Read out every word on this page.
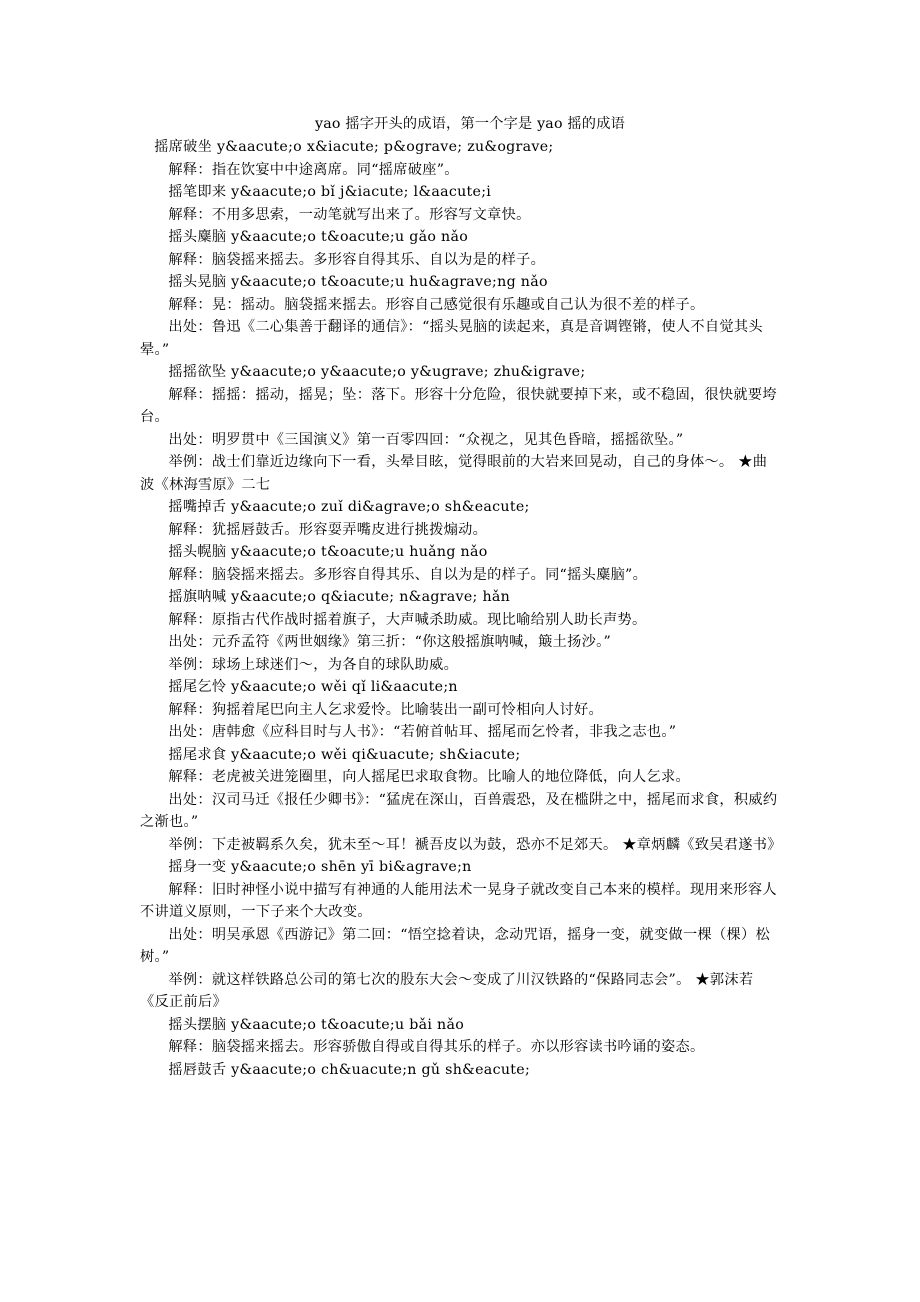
yao 摇字开头的成语，第一个字是 yao 摇的成语
摇席破坐 y&aacute;o x&iacute; p&ograve; zu&ograve;
解释：指在饮宴中中途离席。同“摇席破座”。
摇笔即来 y&aacute;o bǐ j&iacute; l&aacute;i
解释：不用多思索，一动笔就写出来了。形容写文章快。
摇头麋脑 y&aacute;o t&oacute;u gǎo nǎo
解释：脑袋摇来摇去。多形容自得其乐、自以为是的样子。
摇头晃脑 y&aacute;o t&oacute;u hu&agrave;ng nǎo
解释：晃：摇动。脑袋摇来摇去。形容自己感觉很有乐趣或自己认为很不差的样子。
出处：鲁迅《二心集善于翻译的通信》：“摇头晃脑的读起来，真是音调铿锵，使人不自觉其头晕。”
摇摇欲坠 y&aacute;o y&aacute;o y&ugrave; zhu&igrave;
解释：摇摇：摇动，摇晃；坠：落下。形容十分危险，很快就要掉下来，或不稳固，很快就要垮台。
出处：明罗贯中《三国演义》第一百零四回：“众视之，见其色昏暗，摇摇欲坠。”
举例：战士们靠近边缘向下一看，头晕目眩，觉得眼前的大岩来回晃动，自己的身体～。 ★曲波《林海雪原》二七
摇嘴掉舌 y&aacute;o zuǐ di&agrave;o sh&eacute;
解释：犹摇唇鼓舌。形容耍弄嘴皮进行挑拨煽动。
摇头幌脑 y&aacute;o t&oacute;u huǎng nǎo
解释：脑袋摇来摇去。多形容自得其乐、自以为是的样子。同“摇头麋脑”。
摇旗呐喊 y&aacute;o q&iacute; n&agrave; hǎn
解释：原指古代作战时摇着旗子，大声喊杀助威。现比喻给别人助长声势。
出处：元乔孟符《两世姻缘》第三折：“你这般摇旗呐喊，簸土扬沙。”
举例：球场上球迷们～，为各自的球队助威。
摇尾乞怜 y&aacute;o wěi qǐ li&aacute;n
解释：狗摇着尾巴向主人乞求爱怜。比喻装出一副可怜相向人讨好。
出处：唐韩愈《应科目时与人书》：“若俯首帖耳、摇尾而乞怜者，非我之志也。”
摇尾求食 y&aacute;o wěi qi&uacute; sh&iacute;
解释：老虎被关进笼圈里，向人摇尾巴求取食物。比喻人的地位降低，向人乞求。
出处：汉司马迁《报任少卿书》：“猛虎在深山，百兽震恐，及在槛阱之中，摇尾而求食，积威约之渐也。”
举例：下走被羁系久矣，犹未至～耳！褫吾皮以为鼓，恐亦不足郊天。 ★章炳麟《致吴君遂书》
摇身一变 y&aacute;o shēn yī bi&agrave;n
解释：旧时神怪小说中描写有神通的人能用法术一晃身子就改变自己本来的模样。现用来形容人不讲道义原则，一下子来个大改变。
出处：明吴承恩《西游记》第二回：“悟空捻着诀，念动咒语，摇身一变，就变做一棵（棵）松树。”
举例：就这样铁路总公司的第七次的股东大会～变成了川汉铁路的“保路同志会”。 ★郭沫若《反正前后》
摇头摆脑 y&aacute;o t&oacute;u bǎi nǎo
解释：脑袋摇来摇去。形容骄傲自得或自得其乐的样子。亦以形容读书吟诵的姿态。
摇唇鼓舌 y&aacute;o ch&uacute;n gǔ sh&eacute;
